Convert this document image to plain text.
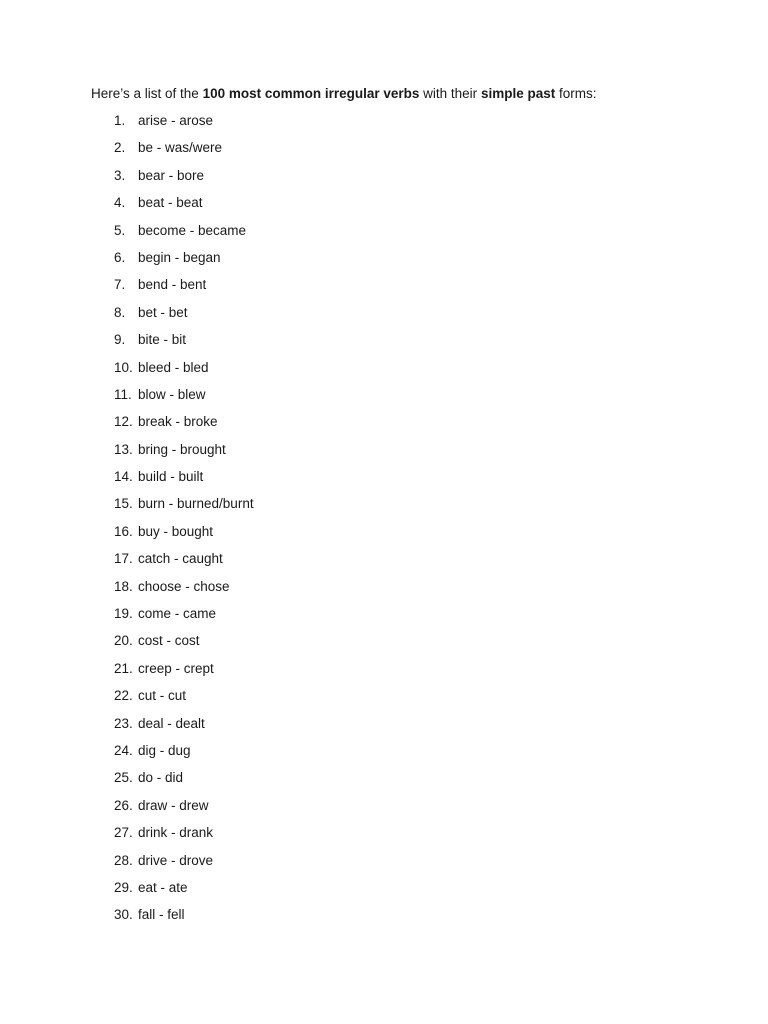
Here’s a list of the 100 most common irregular verbs with their simple past forms:

1. arise - arose
2. be - was/were
3. bear - bore
4. beat - beat
5. become - became
6. begin - began
7. bend - bent
8. bet - bet
9. bite - bit
10. bleed - bled
11. blow - blew
12. break - broke
13. bring - brought
14. build - built
15. burn - burned/burnt
16. buy - bought
17. catch - caught
18. choose - chose
19. come - came
20. cost - cost
21. creep - crept
22. cut - cut
23. deal - dealt
24. dig - dug
25. do - did
26. draw - drew
27. drink - drank
28. drive - drove
29. eat - ate
30. fall - fell
